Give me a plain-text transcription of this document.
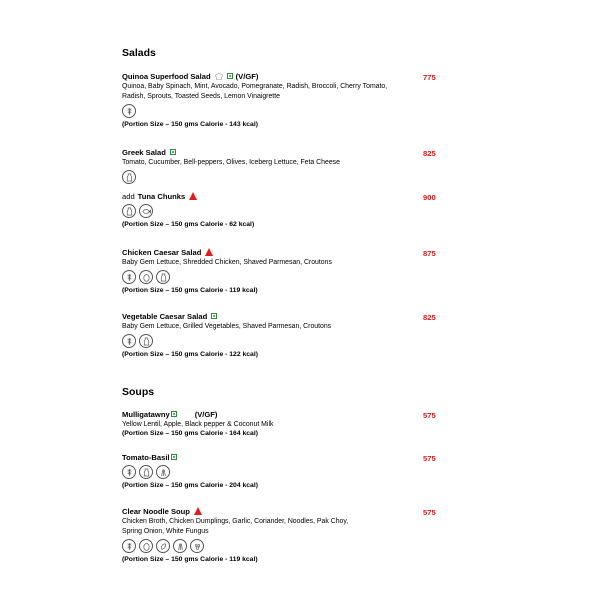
Salads
Quinoa Superfood Salad	(V/GF)
Quinoa, Baby Spinach, Mint, Avocado, Pomegranate, Radish, Broccoli, Cherry Tomato,
Radish, Sprouts, Toasted Seeds, Lemon Vinaigrette
(Portion Size – 150 gms Calorie - 143 kcal)
775
Greek Salad
Tomato, Cucumber, Bell-peppers, Olives, Iceberg Lettuce, Feta Cheese
825
add Tuna Chunks
(Portion Size – 150 gms Calorie - 62 kcal)
900
Chicken Caesar Salad
Baby Gem Lettuce, Shredded Chicken, Shaved Parmesan, Croutons
(Portion Size – 150 gms Calorie - 119 kcal)
875
Vegetable Caesar Salad
Baby Gem Lettuce, Grilled Vegetables, Shaved Parmesan, Croutons
(Portion Size – 150 gms Calorie - 122 kcal)
825
Soups
Mulligatawny	(V/GF)
Yellow Lentil, Apple, Black pepper & Coconut Milk
(Portion Size – 150 gms Calorie - 164 kcal)
575
Tomato-Basil
(Portion Size – 150 gms Calorie - 204 kcal)
575
Clear Noodle Soup
Chicken Broth, Chicken Dumplings, Garlic, Coriander, Noodles, Pak Choy,
Spring Onion, White Fungus
(Portion Size – 150 gms Calorie - 119 kcal)
575
